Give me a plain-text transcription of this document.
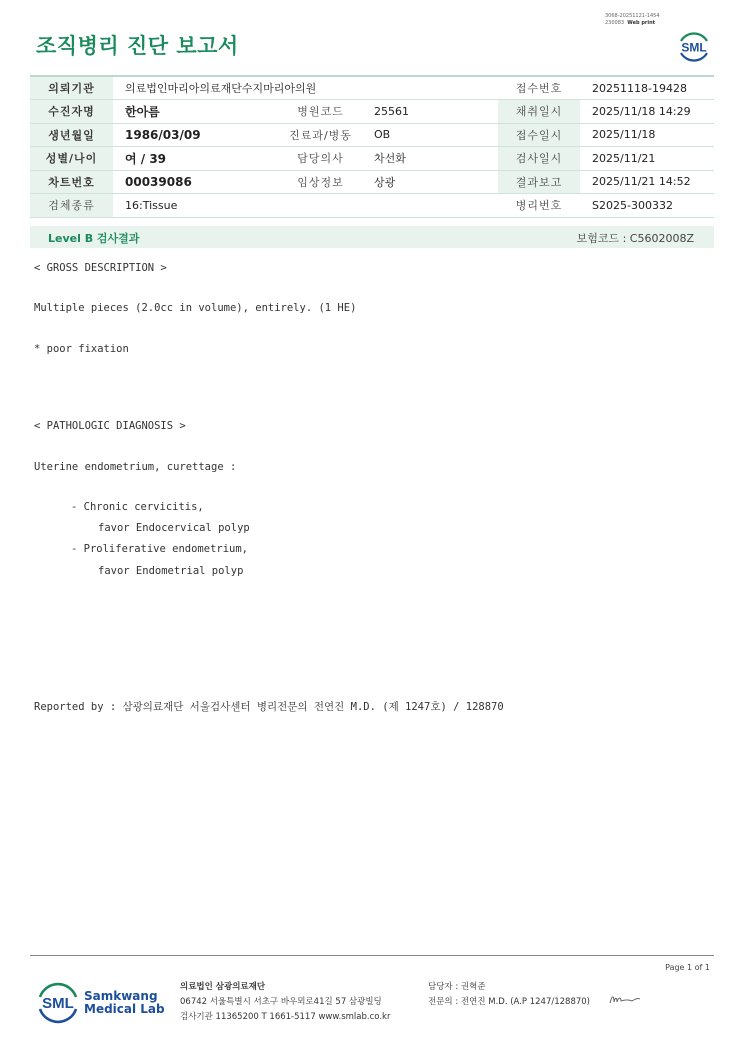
3068-20251121-1454
230083 Web print
조직병리 진단 보고서	SML
의뢰기관	의료법인마리아의료재단수지마리아의원			접수번호	20251118-19428
수진자명	한아름	병원코드	25561	채취일시	2025/11/18 14:29
생년월일	1986/03/09	진료과/병동	OB	접수일시	2025/11/18
성별/나이	여 / 39	담당의사	차선화	검사일시	2025/11/21
차트번호	00039086	임상정보	상광	결과보고	2025/11/21 14:52
검체종류	16:Tissue			병리번호	S2025-300332
Level B 검사결과	보험코드 : C5602008Z
< GROSS DESCRIPTION >
Multiple pieces (2.0cc in volume), entirely. (1 HE)
* poor fixation
< PATHOLOGIC DIAGNOSIS >
Uterine endometrium, curettage :
- Chronic cervicitis,
favor Endocervical polyp
- Proliferative endometrium,
favor Endometrial polyp
Reported by : 삼광의료재단 서울검사센터 병리전문의 전연진 M.D. (제 1247호) / 128870
Page 1 of 1
SML Samkwang
Medical Lab
의료법인 삼광의료재단
06742 서울특별시 서초구 바우뫼로41길 57 삼광빌딩
검사기관 11365200 T 1661-5117 www.smlab.co.kr
담당자 : 권혁준
전문의 : 전연진 M.D. (A.P 1247/128870)
